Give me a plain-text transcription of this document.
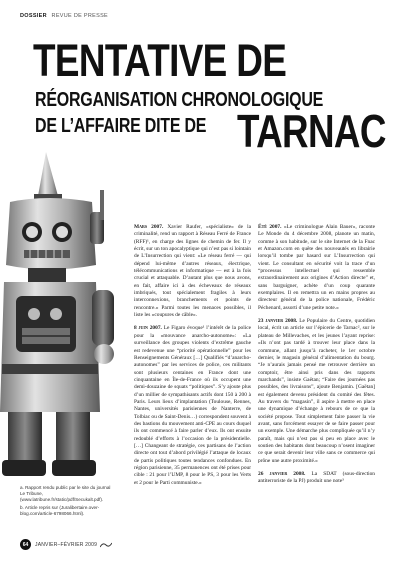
DOSSIER REVUE DE PRESSE
TENTATIVE DE
RÉORGANISATION CHRONOLOGIQUE
DE L’AFFAIRE DITE DE TARNAC

a. Rapport rendu public par le site du journal Le Tribune, (www.latribune.fr/static/pdf/Secukalt.pdf).

b. Article repris sur (Juralibertaire.over-blog.com/article-6798066.html).

Mars 2007. Xavier Raufer, «spécialiste» de la criminalité, rend un rapport à Réseau Ferré de France (RFF)¹, en charge des lignes de chemin de fer. Il y écrit, sur un ton apocalyptique qui n’est pas si lointain de L’Insurrection qui vient: «Le réseau ferré — qui dépend lui-même d’autres réseaux, électrique, télécommunications et informatique — est à la fois crucial et attaquable. D’autant plus que nous avons, en fait, affaire ici à des écheveaux de réseaux imbriqués, tout spécialement fragiles à leurs interconnexions, branchements et points de rencontre.» Parmi toutes les menaces possibles, il liste les «coupures de câble».

8 juin 2007. Le Figaro évoque¹ l’intérêt de la police pour la «mouvance anarcho-autonome»: «La surveillance des groupes violents d’extrême gauche est redevenue une “priorité opérationnelle” pour les Renseignements Généraux […] Qualifiés “d’anarcho-autonomes” par les services de police, ces militants sont plusieurs centaines en France dont une cinquantaine en Île-de-France où ils occupent une demi-douzaine de squats “politiques”. S’y ajoute plus d’un millier de sympathisants actifs dont 150 à 200 à Paris. Leurs lieux d’implantation (Toulouse, Rennes, Nantes, universités parisiennes de Nanterre, de Tolbiac ou de Saint-Denis…) correspondent souvent à des bastions du mouvement anti-CPE au cours duquel ils ont commencé à faire parler d’eux. Ils ont ensuite redoublé d’efforts à l’occasion de la présidentielle. […] Changeant de stratégie, ces partisans de l’action directe ont tout d’abord privilégié l’attaque de locaux de partis politiques toutes tendances confondues. En région parisienne, 35 permanences ont été prises pour cible : 21 pour l’UMP, 8 pour le PS, 3 pour les Verts et 2 pour le Parti communiste.»

Été 2007. «Le criminologue Alain Bauer», raconte Le Monde du 4 décembre 2008, planote un matin, comme à son habitude, sur le site Internet de la Fnac et Amazon.com en quête des nouveautés en librairie lorsqu’il tombe par hasard sur L’Insurrection qui vient. Le consultant en sécurité voit la trace d’un “processus intellectuel qui ressemble extraordinairement aux origines d’Action directe” et, sans barguigner, achète d’un coup quarante exemplaires. Il en remettra un en mains propres au directeur général de la police nationale, Frédéric Péchenard, assorti d’une petite note.»

23 janvier 2008. Le Populaire du Centre, quotidien local, écrit un article sur l’épicerie de Tarnac², sur le plateau de Millevaches, et les jeunes l’ayant reprise: «Ils n’ont pas tardé à trouver leur place dans la commune, allant jusqu’à racheter, le 1er octobre dernier, le magasin général d’alimentation du bourg. “Je n’aurais jamais pensé me retrouver derrière un comptoir, être ainsi pris dans des rapports marchands”, insiste Gaëtan; “Faire des journées pas possibles, des livraisons”, ajoute Benjamin. [Gaëtan] est également devenu président du comité des fêtes. Au travers du “magasin”, il aspire à mettre en place une dynamique d’échange à rebours de ce que la société propose. Tout simplement faire passer la vie avant, sans forcément essayer de se faire passer pour un exemple. Une démarche plus compliquée qu’il n’y paraît, mais qui n’est pas si peu en place avec le soutien des habitants dont beaucoup n’osent imaginer ce que serait devenir leur ville sans ce commerce qui prône une autre proximité.»

26 janvier 2008. La SDAT (sous-direction antiterroriste de la PJ) produit une note³

64	JANVIER–FÉVRIER 2009
